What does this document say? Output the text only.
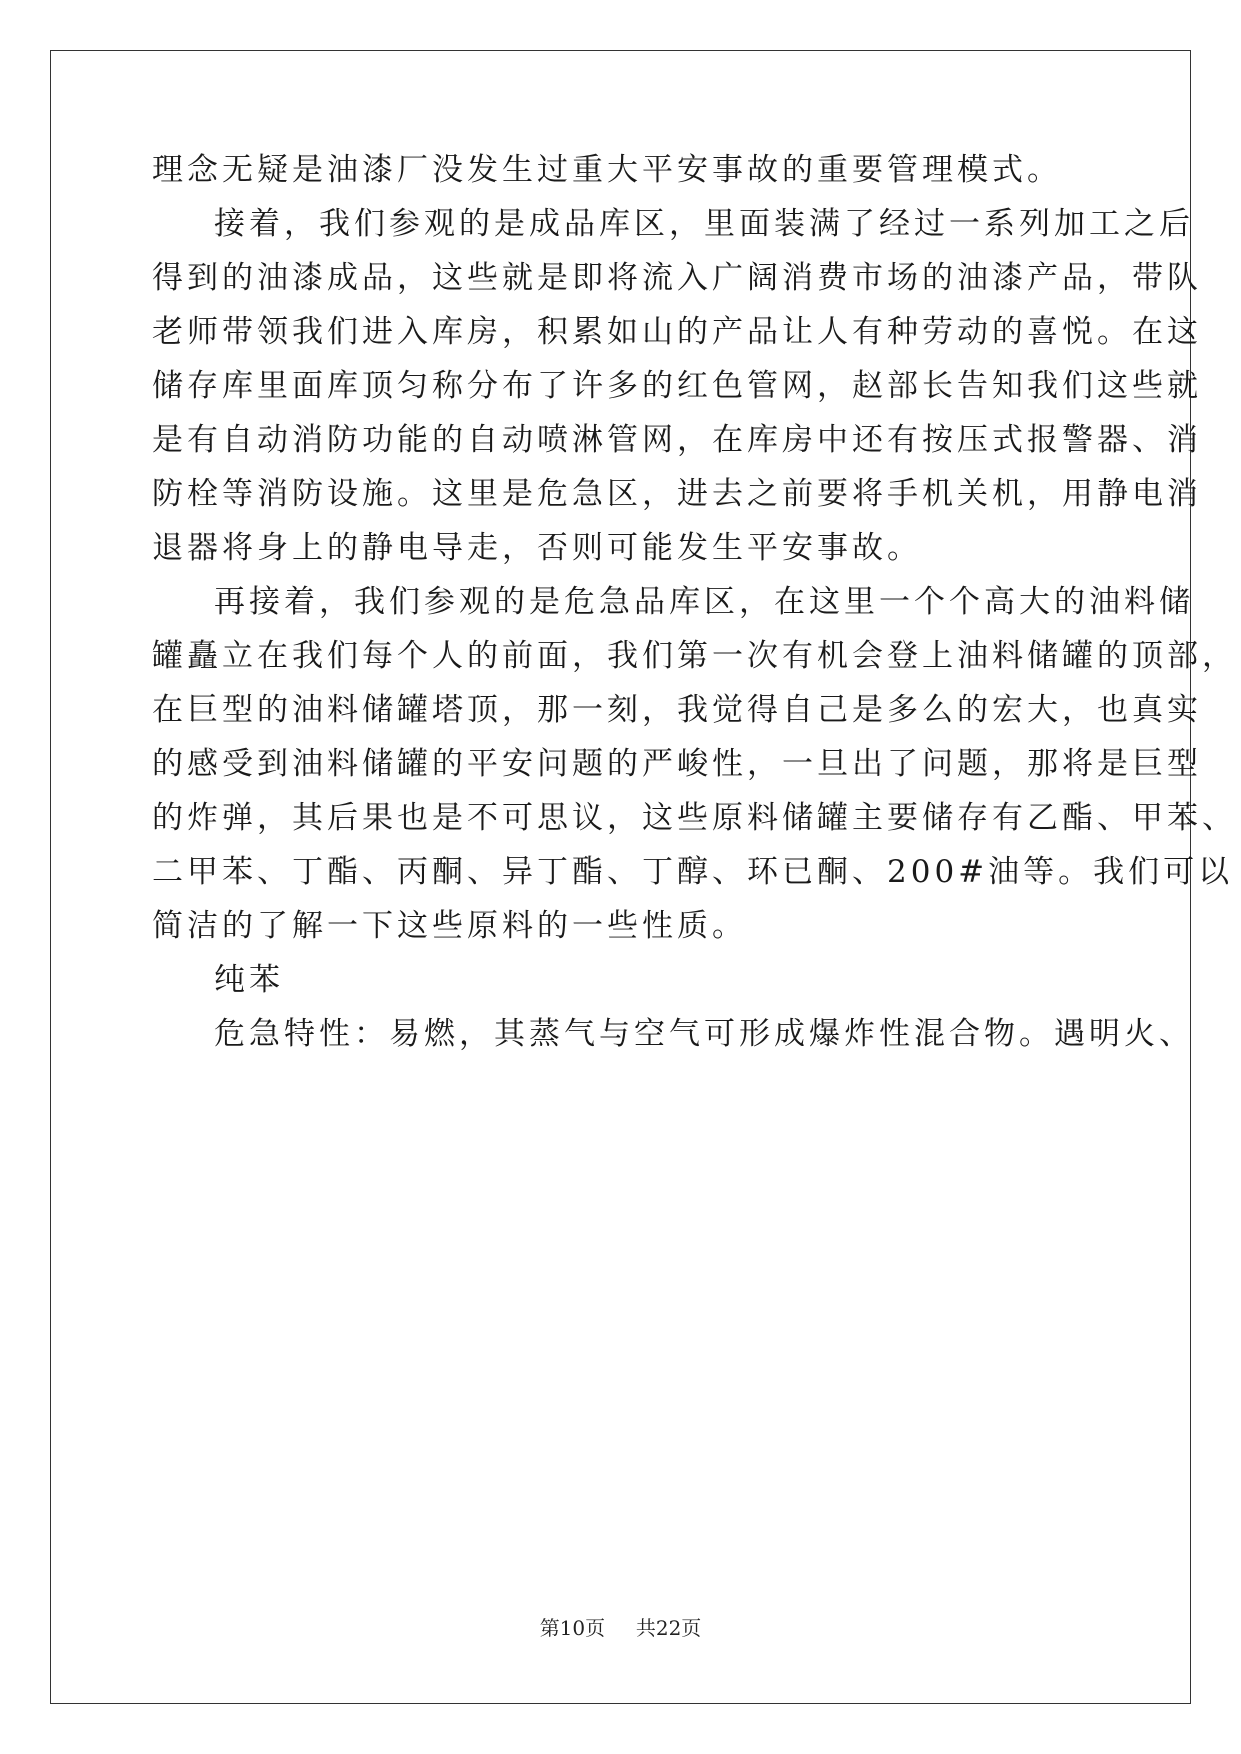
理念无疑是油漆厂没发生过重大平安事故的重要管理模式。
接着，我们参观的是成品库区，里面装满了经过一系列加工之后
得到的油漆成品，这些就是即将流入广阔消费市场的油漆产品，带队
老师带领我们进入库房，积累如山的产品让人有种劳动的喜悦。在这
储存库里面库顶匀称分布了许多的红色管网，赵部长告知我们这些就
是有自动消防功能的自动喷淋管网，在库房中还有按压式报警器、消
防栓等消防设施。这里是危急区，进去之前要将手机关机，用静电消
退器将身上的静电导走，否则可能发生平安事故。
再接着，我们参观的是危急品库区，在这里一个个高大的油料储
罐矗立在我们每个人的前面，我们第一次有机会登上油料储罐的顶部，
在巨型的油料储罐塔顶，那一刻，我觉得自己是多么的宏大，也真实
的感受到油料储罐的平安问题的严峻性，一旦出了问题，那将是巨型
的炸弹，其后果也是不可思议，这些原料储罐主要储存有乙酯、甲苯、
二甲苯、丁酯、丙酮、异丁酯、丁醇、环已酮、200#油等。我们可以
简洁的了解一下这些原料的一些性质。
纯苯
危急特性：易燃，其蒸气与空气可形成爆炸性混合物。遇明火、
第10页 共22页
